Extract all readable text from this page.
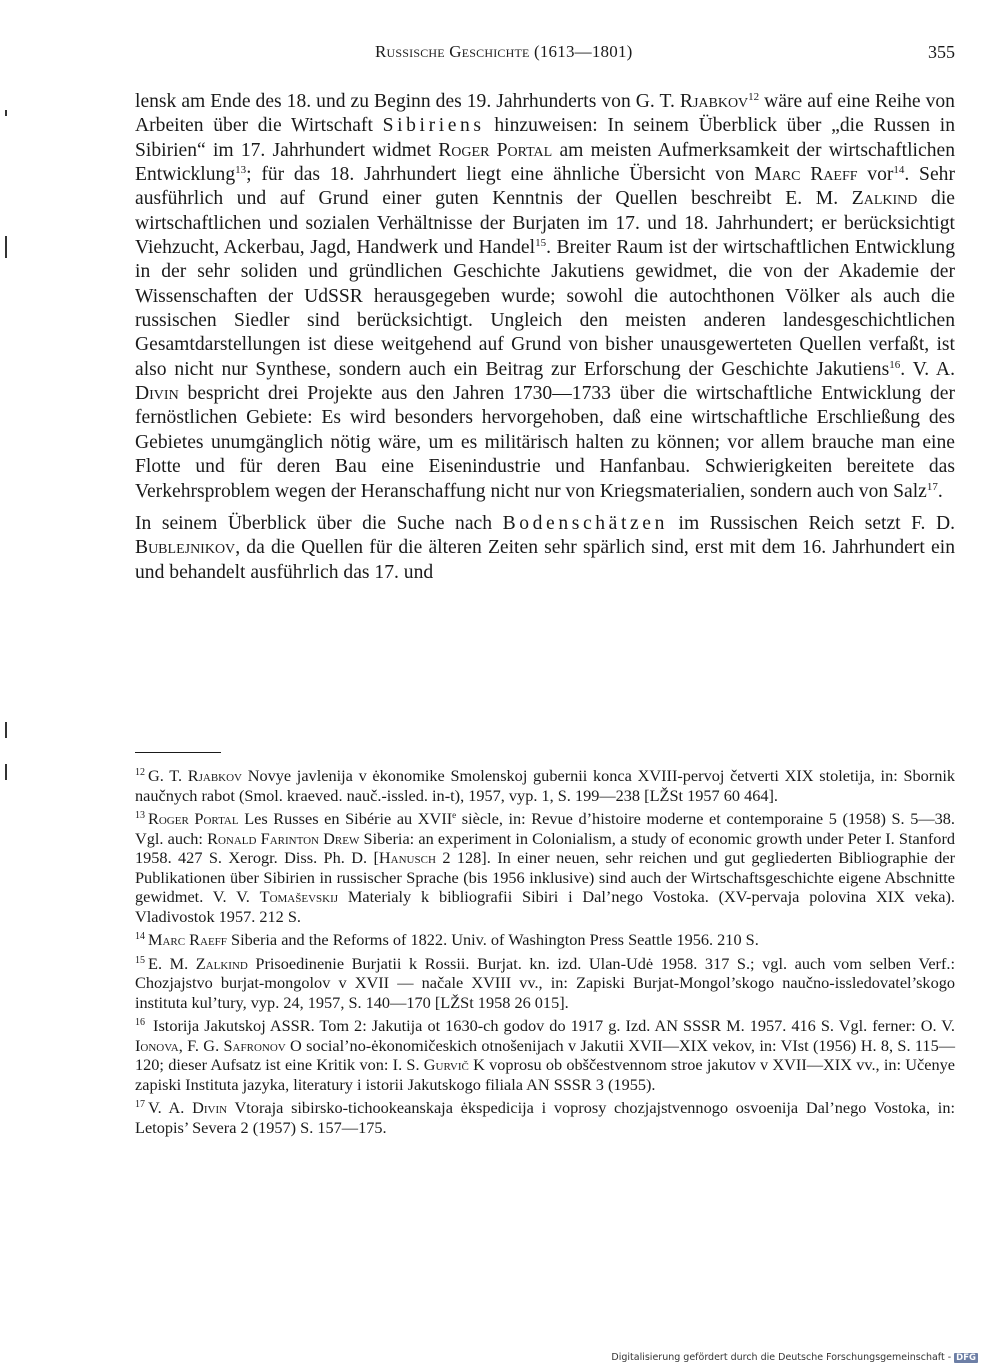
Russische Geschichte (1613—1801)	355

lensk am Ende des 18. und zu Beginn des 19. Jahrhunderts von G. T. Rjabkov$^{12}$ wäre auf eine Reihe von Arbeiten über die Wirtschaft Sibiriens hinzuweisen: In seinem Überblick über „die Russen in Sibirien“ im 17. Jahrhundert widmet Roger Portal am meisten Aufmerksamkeit der wirtschaftlichen Entwicklung$^{13}$; für das 18. Jahrhundert liegt eine ähnliche Übersicht von Marc Raeff vor$^{14}$. Sehr ausführlich und auf Grund einer guten Kenntnis der Quellen beschreibt E. M. Zalkind die wirtschaftlichen und sozialen Verhältnisse der Burjaten im 17. und 18. Jahrhundert; er berücksichtigt Viehzucht, Ackerbau, Jagd, Handwerk und Handel$^{15}$. Breiter Raum ist der wirtschaftlichen Entwicklung in der sehr soliden und gründlichen Geschichte Jakutiens gewidmet, die von der Akademie der Wissenschaften der UdSSR herausgegeben wurde; sowohl die autochthonen Völker als auch die russischen Siedler sind berücksichtigt. Ungleich den meisten anderen landesgeschichtlichen Gesamtdarstellungen ist diese weitgehend auf Grund von bisher unausgewerteten Quellen verfaßt, ist also nicht nur Synthese, sondern auch ein Beitrag zur Erforschung der Geschichte Jakutiens$^{16}$. V. A. Divin bespricht drei Projekte aus den Jahren 1730—1733 über die wirtschaftliche Entwicklung der fernöstlichen Gebiete: Es wird besonders hervorgehoben, daß eine wirtschaftliche Erschließung des Gebietes unumgänglich nötig wäre, um es militärisch halten zu können; vor allem brauche man eine Flotte und für deren Bau eine Eisenindustrie und Hanfanbau. Schwierigkeiten bereitete das Verkehrsproblem wegen der Heranschaffung nicht nur von Kriegsmaterialien, sondern auch von Salz$^{17}$.

In seinem Überblick über die Suche nach Bodenschätzen im Russischen Reich setzt F. D. Bublejnikov, da die Quellen für die älteren Zeiten sehr spärlich sind, erst mit dem 16. Jahrhundert ein und behandelt ausführlich das 17. und

$^{12}$ G. T. Rjabkov Novye javlenija v ėkonomike Smolenskoj gubernii konca XVIII-pervoj četverti XIX stoletija, in: Sbornik naučnych rabot (Smol. kraeved. nauč.-issled. in-t), 1957, vyp. 1, S. 199—238 [LŽSt 1957 60 464].

$^{13}$ Roger Portal Les Russes en Sibérie au XVIIe siècle, in: Revue d’histoire moderne et contemporaine 5 (1958) S. 5—38. Vgl. auch: Ronald Farinton Drew Siberia: an experiment in Colonialism, a study of economic growth under Peter I. Stanford 1958. 427 S. Xerogr. Diss. Ph. D. [Hanusch 2 128]. In einer neuen, sehr reichen und gut gegliederten Bibliographie der Publikationen über Sibirien in russischer Sprache (bis 1956 inklusive) sind auch der Wirtschaftsgeschichte eigene Abschnitte gewidmet. V. V. Tomaševskij Materialy k bibliografii Sibiri i Dal’nego Vostoka. (XV-pervaja polovina XIX veka). Vladivostok 1957. 212 S.

$^{14}$ Marc Raeff Siberia and the Reforms of 1822. Univ. of Washington Press Seattle 1956. 210 S.

$^{15}$ E. M. Zalkind Prisoedinenie Burjatii k Rossii. Burjat. kn. izd. Ulan-Udė 1958. 317 S.; vgl. auch vom selben Verf.: Chozjajstvo burjat-mongolov v XVII — načale XVIII vv., in: Zapiski Burjat-Mongol’skogo naučno-issledovatel’skogo instituta kul’tury, vyp. 24, 1957, S. 140—170 [LŽSt 1958 26 015].

$^{16}$ Istorija Jakutskoj ASSR. Tom 2: Jakutija ot 1630-ch godov do 1917 g. Izd. AN SSSR M. 1957. 416 S. Vgl. ferner: O. V. Ionova, F. G. Safronov O social’no-ėkonomičeskich otnošenijach v Jakutii XVII—XIX vekov, in: VIst (1956) H. 8, S. 115—120; dieser Aufsatz ist eine Kritik von: I. S. Gurvič K voprosu ob obščestvennom stroe jakutov v XVII—XIX vv., in: Učenye zapiski Instituta jazyka, literatury i istorii Jakutskogo filiala AN SSSR 3 (1955).

$^{17}$ V. A. Divin Vtoraja sibirsko-tichookeanskaja ėkspedicija i voprosy chozjajstvennogo osvoenija Dal’nego Vostoka, in: Letopis’ Severa 2 (1957) S. 157—175.

Digitalisierung gefördert durch die Deutsche Forschungsgemeinschaft - DFG
